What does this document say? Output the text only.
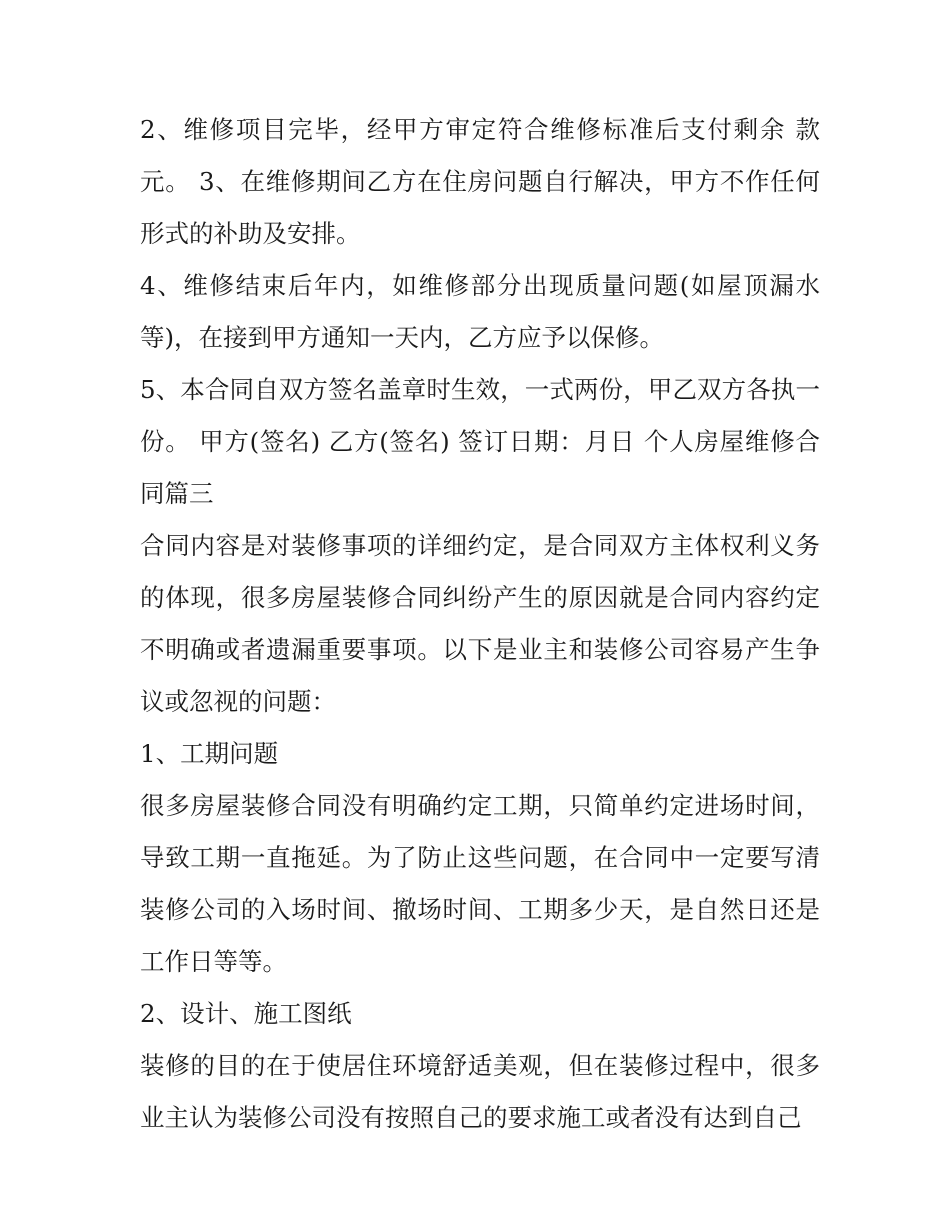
2、维修项目完毕，经甲方审定符合维修标准后支付剩余 款元。 3、在维修期间乙方在住房问题自行解决，甲方不作任何形式的补助及安排。

4、维修结束后年内，如维修部分出现质量问题(如屋顶漏水等)，在接到甲方通知一天内，乙方应予以保修。

5、本合同自双方签名盖章时生效，一式两份，甲乙双方各执一份。 甲方(签名) 乙方(签名) 签订日期：月日 个人房屋维修合同篇三

合同内容是对装修事项的详细约定，是合同双方主体权利义务的体现，很多房屋装修合同纠纷产生的原因就是合同内容约定不明确或者遗漏重要事项。以下是业主和装修公司容易产生争议或忽视的问题：

1、工期问题

很多房屋装修合同没有明确约定工期，只简单约定进场时间，导致工期一直拖延。为了防止这些问题，在合同中一定要写清装修公司的入场时间、撤场时间、工期多少天，是自然日还是工作日等等。

2、设计、施工图纸

装修的目的在于使居住环境舒适美观，但在装修过程中，很多业主认为装修公司没有按照自己的要求施工或者没有达到自己
